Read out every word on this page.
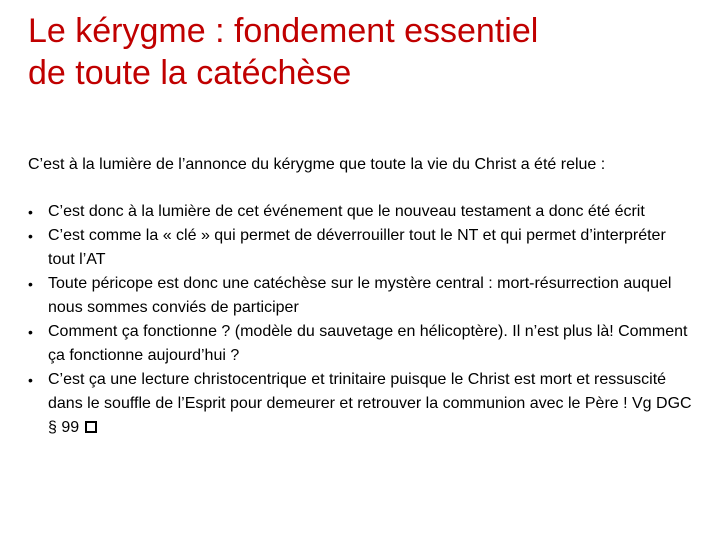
Le kérygme : fondement essentiel
de toute la catéchèse

C’est à la lumière de l’annonce du kérygme que toute la vie du Christ a été relue :

• C’est donc à la lumière de cet événement que le nouveau testament a donc été écrit
• C’est comme la « clé » qui permet de déverrouiller tout le NT et qui permet d’interpréter tout l’AT
• Toute péricope est donc une catéchèse sur le mystère central : mort-résurrection auquel nous sommes conviés de participer
• Comment ça fonctionne ? (modèle du sauvetage en hélicoptère). Il n’est plus là! Comment ça fonctionne aujourd’hui ?
• C’est ça une lecture christocentrique et trinitaire puisque le Christ est mort et ressuscité dans le souffle de l’Esprit pour demeurer et retrouver la communion avec le Père ! Vg DGC § 99
